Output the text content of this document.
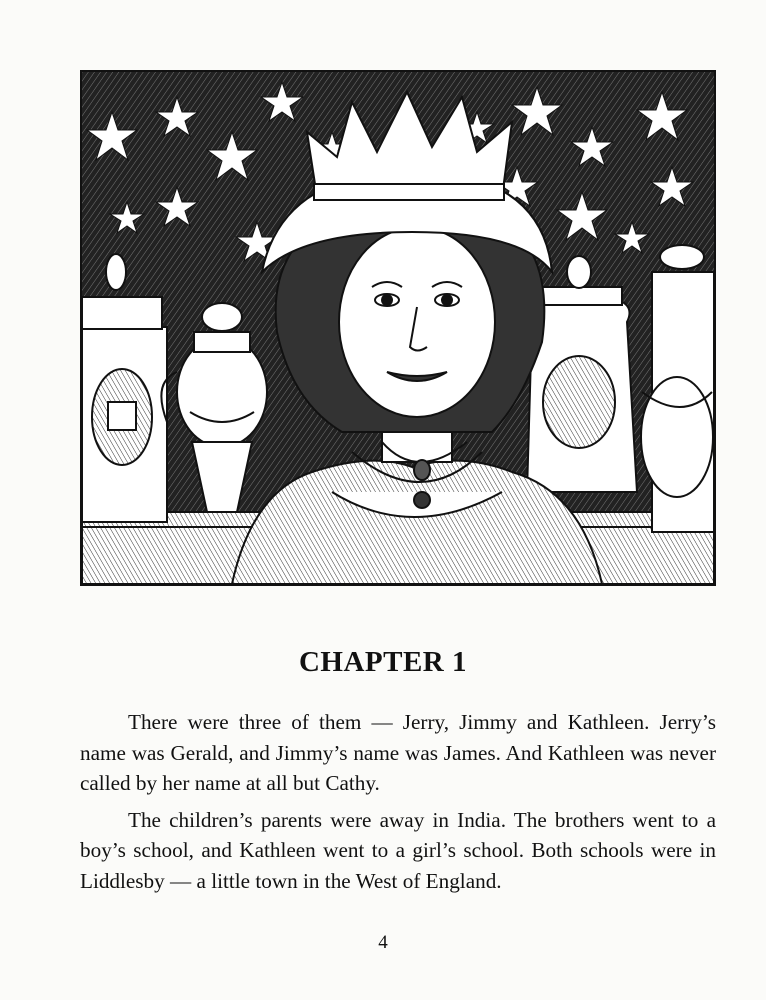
CHAPTER 1

There were three of them — Jerry, Jimmy and Kathleen. Jerry’s name was Gerald, and Jimmy’s name was James. And Kathleen was never called by her name at all but Cathy.

The children’s parents were away in India. The brothers went to a boy’s school, and Kathleen went to a girl’s school. Both schools were in Liddlesby — a little town in the West of England.

4
